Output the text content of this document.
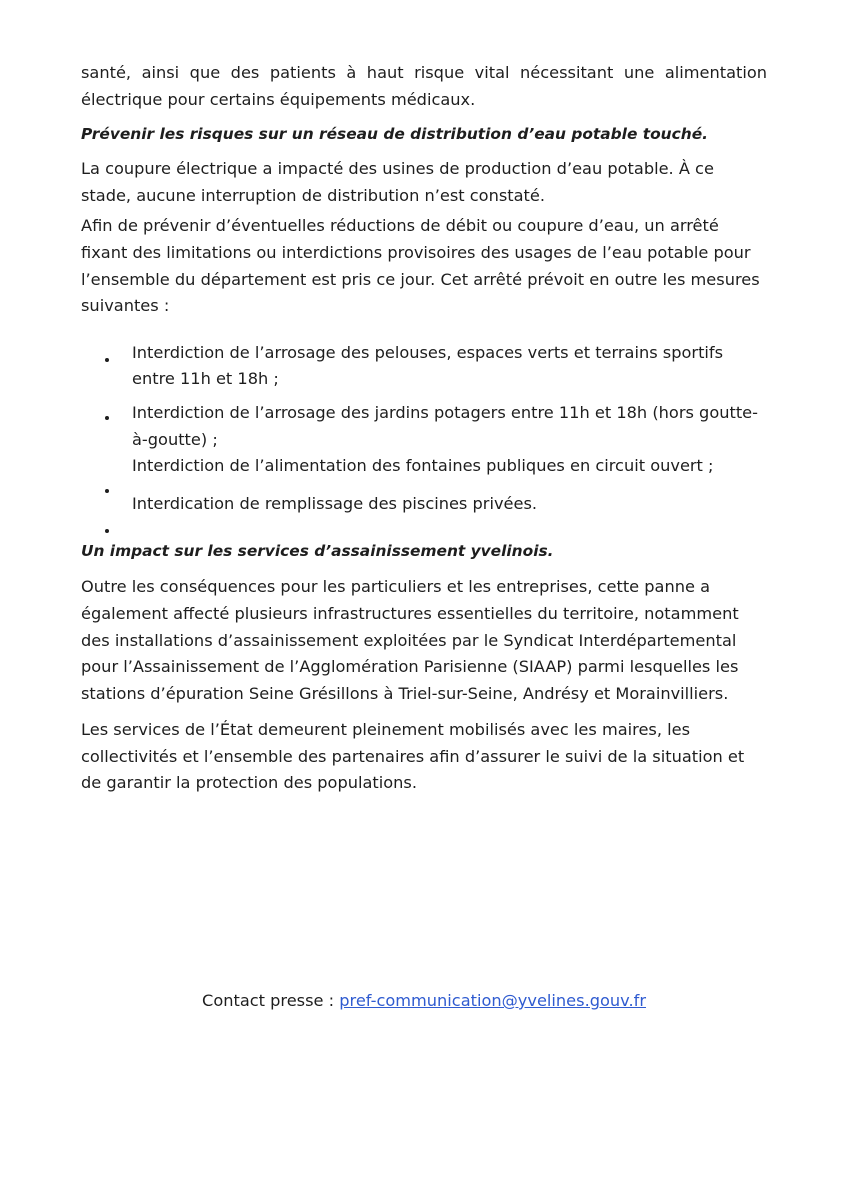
santé, ainsi que des patients à haut risque vital nécessitant une alimentation électrique pour certains équipements médicaux.

Prévenir les risques sur un réseau de distribution d’eau potable touché.

La coupure électrique a impacté des usines de production d’eau potable. À ce stade, aucune interruption de distribution n’est constaté.

Afin de prévenir d’éventuelles réductions de débit ou coupure d’eau, un arrêté fixant des limitations ou interdictions provisoires des usages de l’eau potable pour l’ensemble du département est pris ce jour. Cet arrêté prévoit en outre les mesures suivantes :

Interdiction de l’arrosage des pelouses, espaces verts et terrains sportifs entre 11h et 18h ;
Interdiction de l’arrosage des jardins potagers entre 11h et 18h (hors goutte-à-goutte) ;
Interdiction de l’alimentation des fontaines publiques en circuit ouvert ;
Interdication de remplissage des piscines privées.

Un impact sur les services d’assainissement yvelinois.

Outre les conséquences pour les particuliers et les entreprises, cette panne a également affecté plusieurs infrastructures essentielles du territoire, notamment des installations d’assainissement exploitées par le Syndicat Interdépartemental pour l’Assainissement de l’Agglomération Parisienne (SIAAP) parmi lesquelles les stations d’épuration Seine Grésillons à Triel-sur-Seine, Andrésy et Morainvilliers.

Les services de l’État demeurent pleinement mobilisés avec les maires, les collectivités et l’ensemble des partenaires afin d’assurer le suivi de la situation et de garantir la protection des populations.

Contact presse : pref-communication@yvelines.gouv.fr
